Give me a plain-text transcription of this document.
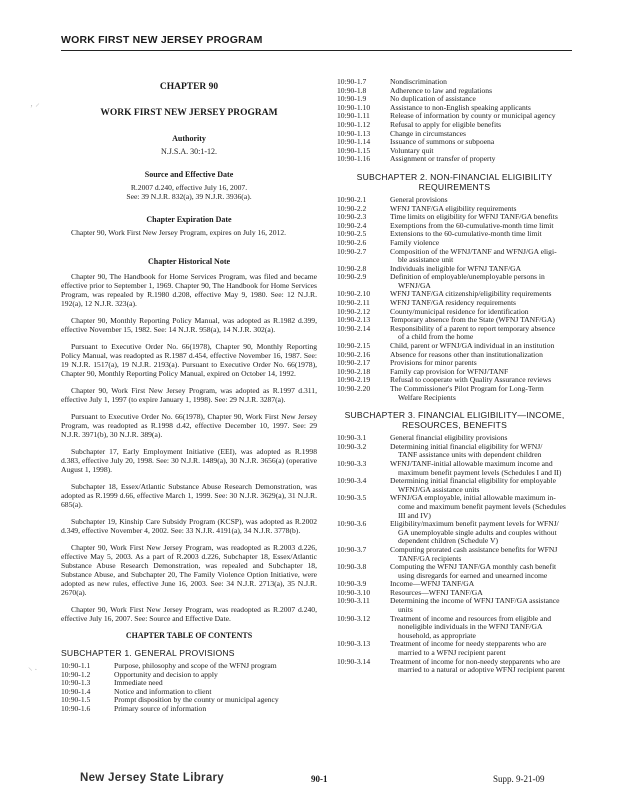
WORK FIRST NEW JERSEY PROGRAM
‚ ⸝
⸜ .
CHAPTER 90
WORK FIRST NEW JERSEY PROGRAM
Authority
N.J.S.A. 30:1-12.
Source and Effective Date
R.2007 d.240, effective July 16, 2007.
See: 39 N.J.R. 832(a), 39 N.J.R. 3936(a).
Chapter Expiration Date
Chapter 90, Work First New Jersey Program, expires on July 16, 2012.
Chapter Historical Note

Chapter 90, The Handbook for Home Services Program, was filed and became effective prior to September 1, 1969. Chapter 90, The Handbook for Home Services Program, was repealed by R.1980 d.208, effective May 9, 1980. See: 12 N.J.R. 192(a), 12 N.J.R. 323(a).

Chapter 90, Monthly Reporting Policy Manual, was adopted as R.1982 d.399, effective November 15, 1982. See: 14 N.J.R. 958(a), 14 N.J.R. 302(a).

Pursuant to Executive Order No. 66(1978), Chapter 90, Monthly Reporting Policy Manual, was readopted as R.1987 d.454, effective November 16, 1987. See: 19 N.J.R. 1517(a), 19 N.J.R. 2193(a). Pursuant to Executive Order No. 66(1978), Chapter 90, Monthly Reporting Policy Manual, expired on October 14, 1992.

Chapter 90, Work First New Jersey Program, was adopted as R.1997 d.311, effective July 1, 1997 (to expire January 1, 1998). See: 29 N.J.R. 3287(a).

Pursuant to Executive Order No. 66(1978), Chapter 90, Work First New Jersey Program, was readopted as R.1998 d.42, effective December 10, 1997. See: 29 N.J.R. 3971(b), 30 N.J.R. 389(a).

Subchapter 17, Early Employment Initiative (EEI), was adopted as R.1998 d.383, effective July 20, 1998. See: 30 N.J.R. 1489(a), 30 N.J.R. 3656(a) (operative August 1, 1998).

Subchapter 18, Essex/Atlantic Substance Abuse Research Demonstration, was adopted as R.1999 d.66, effective March 1, 1999. See: 30 N.J.R. 3629(a), 31 N.J.R. 685(a).

Subchapter 19, Kinship Care Subsidy Program (KCSP), was adopted as R.2002 d.349, effective November 4, 2002. See: 33 N.J.R. 4191(a), 34 N.J.R. 3778(b).

Chapter 90, Work First New Jersey Program, was readopted as R.2003 d.226, effective May 5, 2003. As a part of R.2003 d.226, Subchapter 18, Essex/Atlantic Substance Abuse Research Demonstration, was repealed and Subchapter 18, Substance Abuse, and Subchapter 20, The Family Violence Option Initiative, were adopted as new rules, effective June 16, 2003. See: 34 N.J.R. 2713(a), 35 N.J.R. 2670(a).

Chapter 90, Work First New Jersey Program, was readopted as R.2007 d.240, effective July 16, 2007. See: Source and Effective Date.

CHAPTER TABLE OF CONTENTS
SUBCHAPTER 1. GENERAL PROVISIONS
10:90-1.1	Purpose, philosophy and scope of the WFNJ program
10:90-1.2	Opportunity and decision to apply
10:90-1.3	Immediate need
10:90-1.4	Notice and information to client
10:90-1.5	Prompt disposition by the county or municipal agency
10:90-1.6	Primary source of information
10:90-1.7	Nondiscrimination
10:90-1.8	Adherence to law and regulations
10:90-1.9	No duplication of assistance
10:90-1.10	Assistance to non-English speaking applicants
10:90-1.11	Release of information by county or municipal agency
10:90-1.12	Refusal to apply for eligible benefits
10:90-1.13	Change in circumstances
10:90-1.14	Issuance of summons or subpoena
10:90-1.15	Voluntary quit
10:90-1.16	Assignment or transfer of property
SUBCHAPTER 2. NON-FINANCIAL ELIGIBILITY
REQUIREMENTS
10:90-2.1	General provisions
10:90-2.2	WFNJ TANF/GA eligibility requirements
10:90-2.3	Time limits on eligibility for WFNJ TANF/GA benefits
10:90-2.4	Exemptions from the 60-cumulative-month time limit
10:90-2.5	Extensions to the 60-cumulative-month time limit
10:90-2.6	Family violence
10:90-2.7	Composition of the WFNJ/TANF and WFNJ/GA eligi-
ble assistance unit
10:90-2.8	Individuals ineligible for WFNJ TANF/GA
10:90-2.9	Definition of employable/unemployable persons in
WFNJ/GA
10:90-2.10	WFNJ TANF/GA citizenship/eligibility requirements
10:90-2.11	WFNJ TANF/GA residency requirements
10:90-2.12	County/municipal residence for identification
10:90-2.13	Temporary absence from the State (WFNJ TANF/GA)
10:90-2.14	Responsibility of a parent to report temporary absence
of a child from the home
10:90-2.15	Child, parent or WFNJ/GA individual in an institution
10:90-2.16	Absence for reasons other than institutionalization
10:90-2.17	Provisions for minor parents
10:90-2.18	Family cap provision for WFNJ/TANF
10:90-2.19	Refusal to cooperate with Quality Assurance reviews
10:90-2.20	The Commissioner's Pilot Program for Long-Term
Welfare Recipients
SUBCHAPTER 3. FINANCIAL ELIGIBILITY—INCOME,
RESOURCES, BENEFITS
10:90-3.1	General financial eligibility provisions
10:90-3.2	Determining initial financial eligibility for WFNJ/
TANF assistance units with dependent children
10:90-3.3	WFNJ/TANF-initial allowable maximum income and
maximum benefit payment levels (Schedules I and II)
10:90-3.4	Determining initial financial eligibility for employable
WFNJ/GA assistance units
10:90-3.5	WFNJ/GA employable, initial allowable maximum in-
come and maximum benefit payment levels (Schedules III and IV)
10:90-3.6	Eligibility/maximum benefit payment levels for WFNJ/
GA unemployable single adults and couples without dependent children (Schedule V)
10:90-3.7	Computing prorated cash assistance benefits for WFNJ
TANF/GA recipients
10:90-3.8	Computing the WFNJ TANF/GA monthly cash benefit
using disregards for earned and unearned income
10:90-3.9	Income—WFNJ TANF/GA
10:90-3.10	Resources—WFNJ TANF/GA
10:90-3.11	Determining the income of WFNJ TANF/GA assistance
units
10:90-3.12	Treatment of income and resources from eligible and
noneligible individuals in the WFNJ TANF/GA household, as appropriate
10:90-3.13	Treatment of income for needy stepparents who are
married to a WFNJ recipient parent
10:90-3.14	Treatment of income for non-needy stepparents who are
married to a natural or adoptive WFNJ recipient parent
New Jersey State Library	90-1	Supp. 9-21-09
